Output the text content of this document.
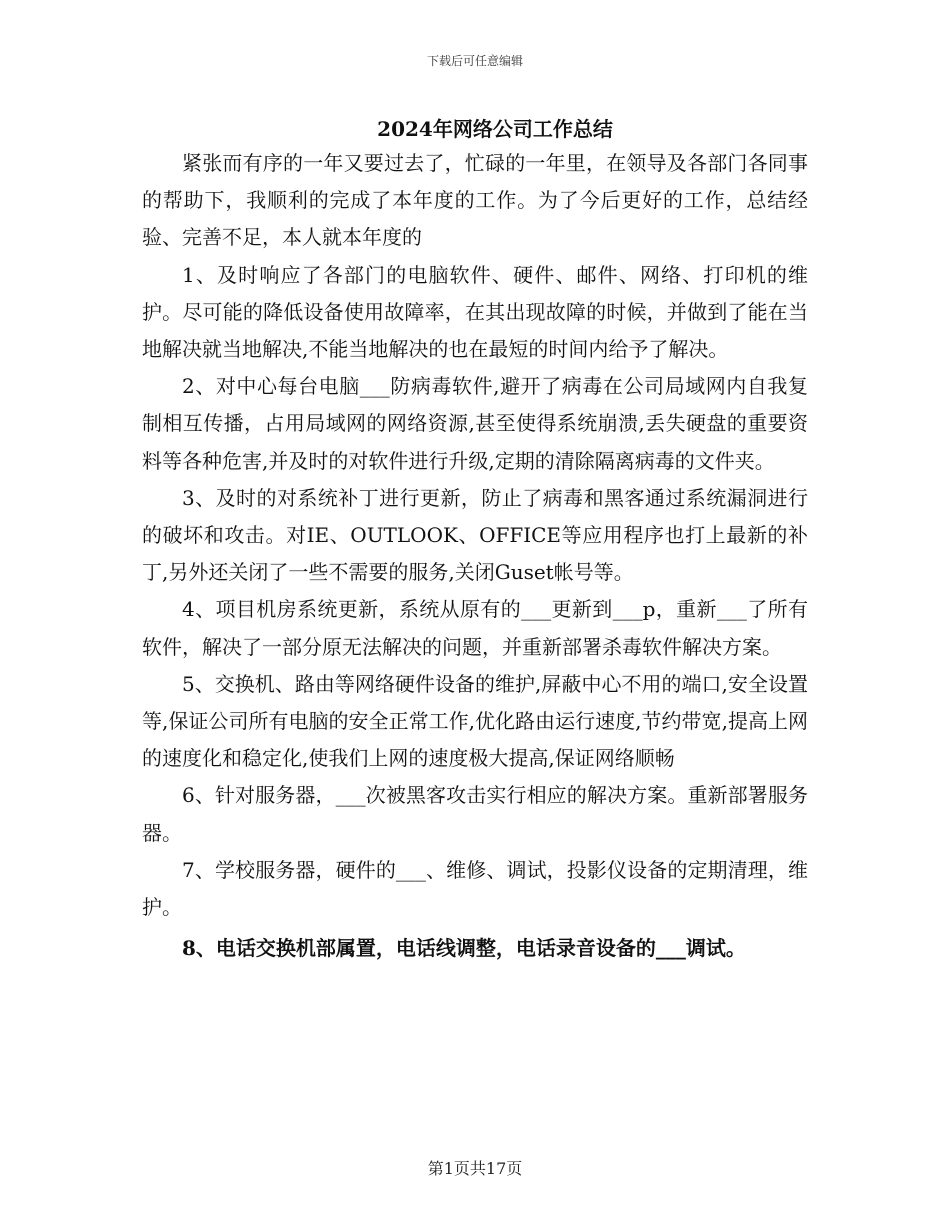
下载后可任意编辑
2024年网络公司工作总结

紧张而有序的一年又要过去了，忙碌的一年里，在领导及各部门各同事的帮助下，我顺利的完成了本年度的工作。为了今后更好的工作，总结经验、完善不足，本人就本年度的

1、及时响应了各部门的电脑软件、硬件、邮件、网络、打印机的维护。尽可能的降低设备使用故障率，在其出现故障的时候，并做到了能在当地解决就当地解决,不能当地解决的也在最短的时间内给予了解决。

2、对中心每台电脑___防病毒软件,避开了病毒在公司局域网内自我复制相互传播，占用局域网的网络资源,甚至使得系统崩溃,丢失硬盘的重要资料等各种危害,并及时的对软件进行升级,定期的清除隔离病毒的文件夹。

3、及时的对系统补丁进行更新，防止了病毒和黑客通过系统漏洞进行的破坏和攻击。对IE、OUTLOOK、OFFICE等应用程序也打上最新的补丁,另外还关闭了一些不需要的服务,关闭Guset帐号等。

4、项目机房系统更新，系统从原有的___更新到___p，重新___了所有软件，解决了一部分原无法解决的问题，并重新部署杀毒软件解决方案。

5、交换机、路由等网络硬件设备的维护,屏蔽中心不用的端口,安全设置等,保证公司所有电脑的安全正常工作,优化路由运行速度,节约带宽,提高上网的速度化和稳定化,使我们上网的速度极大提高,保证网络顺畅

6、针对服务器，___次被黑客攻击实行相应的解决方案。重新部署服务器。

7、学校服务器，硬件的___、维修、调试，投影仪设备的定期清理，维护。

8、电话交换机部属置，电话线调整，电话录音设备的___调试。

第1页共17页
